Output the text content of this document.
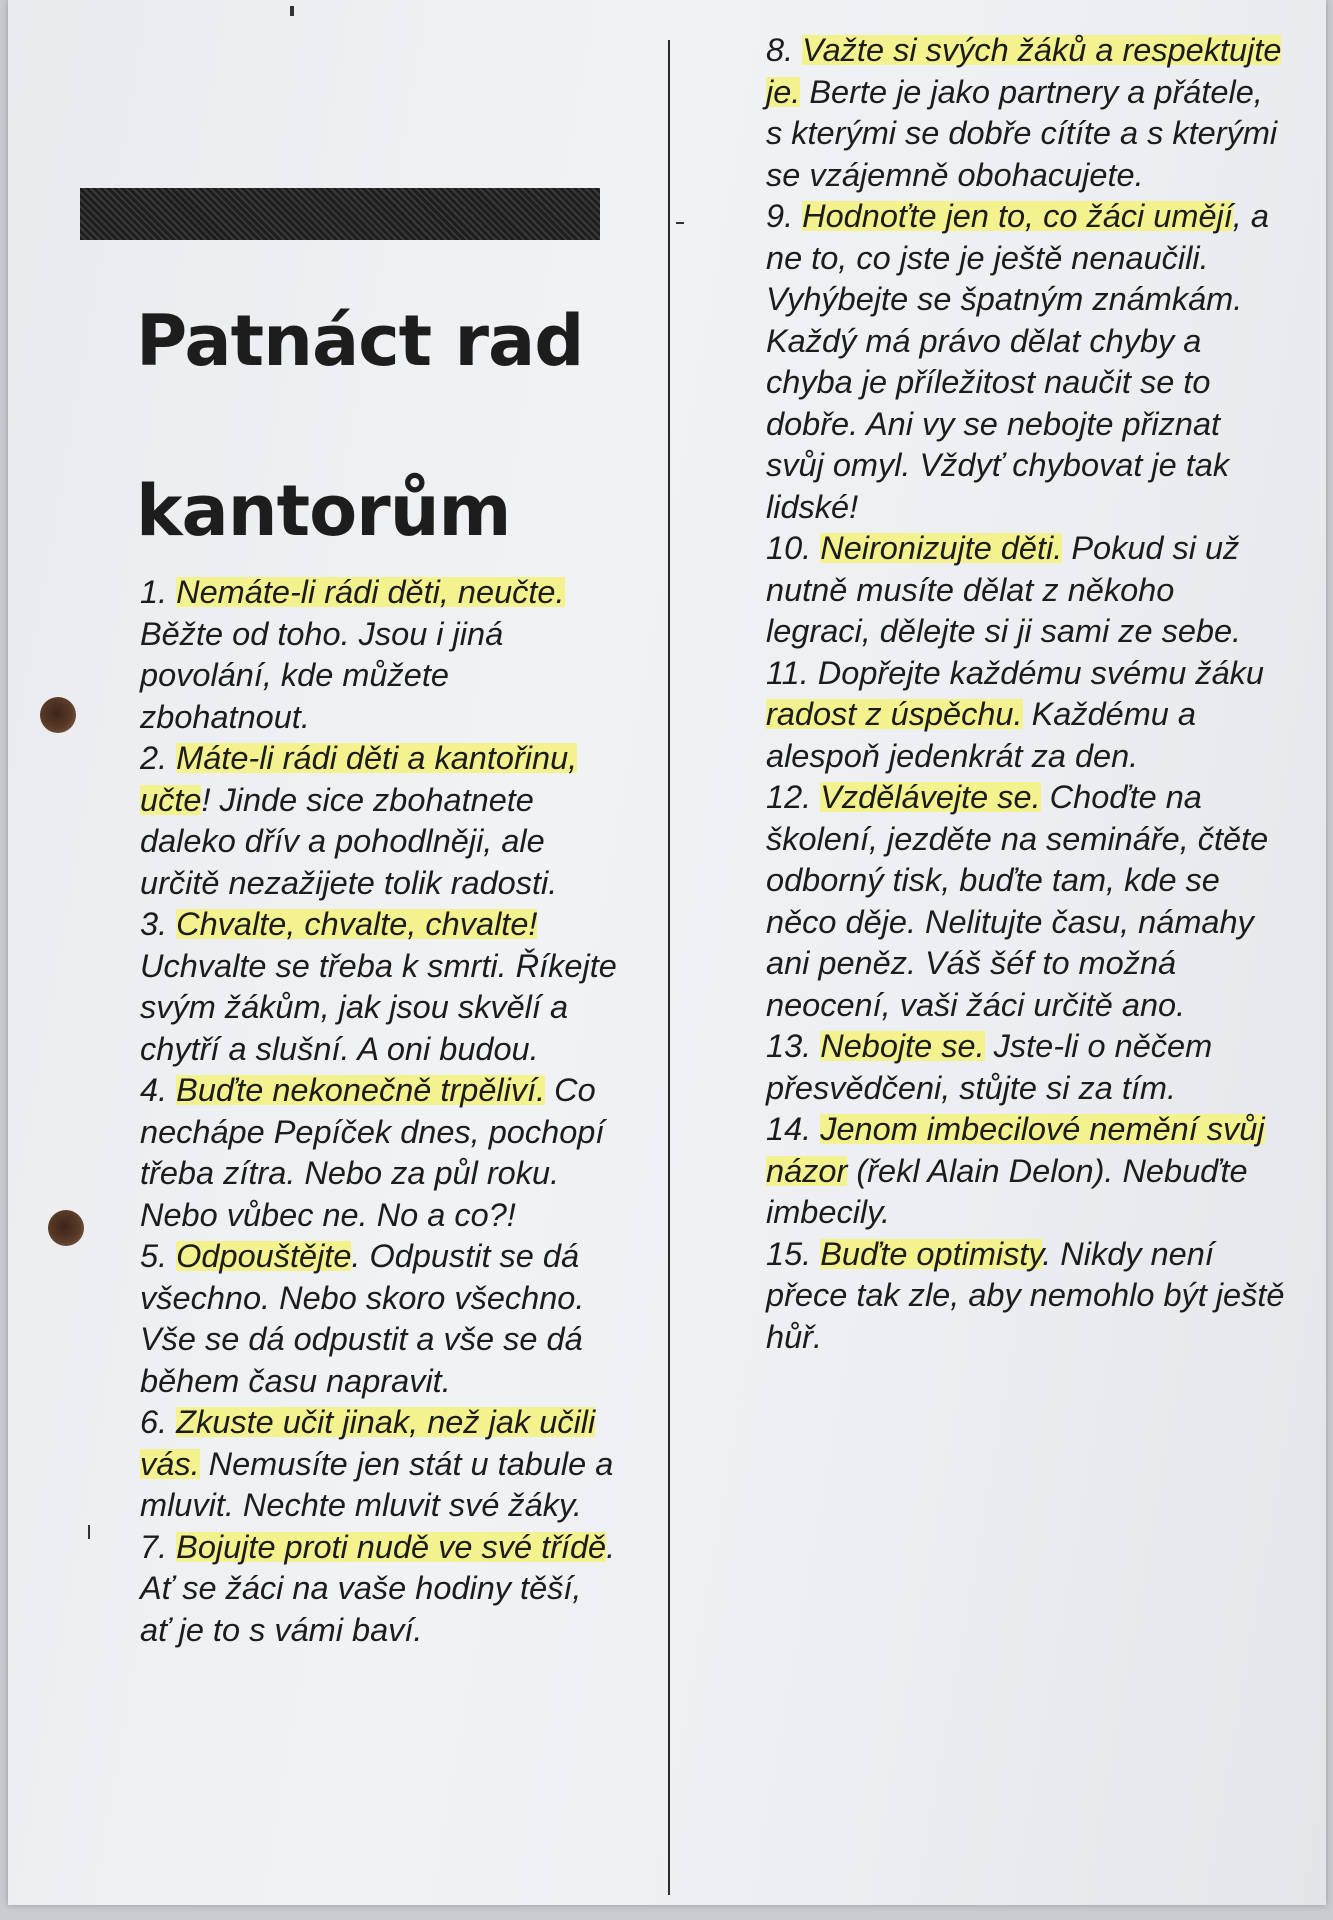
Patnáct rad
kantorům

1. Nemáte-li rádi děti, neučte. Běžte od toho. Jsou i jiná povolání, kde můžete zbohatnout.

2. Máte-li rádi děti a kantořinu, učte! Jinde sice zbohatnete daleko dřív a pohodlněji, ale určitě nezažijete tolik radosti.

3. Chvalte, chvalte, chvalte! Uchvalte se třeba k smrti. Říkejte svým žákům, jak jsou skvělí a chytří a slušní. A oni budou.

4. Buďte nekonečně trpěliví. Co nechápe Pepíček dnes, pochopí třeba zítra. Nebo za půl roku. Nebo vůbec ne. No a co?!

5. Odpouštějte. Odpustit se dá všechno. Nebo skoro všechno. Vše se dá odpustit a vše se dá během času napravit.

6. Zkuste učit jinak, než jak učili vás. Nemusíte jen stát u tabule a mluvit. Nechte mluvit své žáky.

7. Bojujte proti nudě ve své třídě. Ať se žáci na vaše hodiny těší, ať je to s vámi baví.

8. Važte si svých žáků a respektujte je. Berte je jako partnery a přátele, s kterými se dobře cítíte a s kterými se vzájemně obohacujete.

9. Hodnoťte jen to, co žáci umějí, a ne to, co jste je ještě nenaučili. Vyhýbejte se špatným známkám. Každý má právo dělat chyby a chyba je příležitost naučit se to dobře. Ani vy se nebojte přiznat svůj omyl. Vždyť chybovat je tak lidské!

10. Neironizujte děti. Pokud si už nutně musíte dělat z někoho legraci, dělejte si ji sami ze sebe.

11. Dopřejte každému svému žáku radost z úspěchu. Každému a alespoň jedenkrát za den.

12. Vzdělávejte se. Choďte na školení, jezděte na semináře, čtěte odborný tisk, buďte tam, kde se něco děje. Nelitujte času, námahy ani peněz. Váš šéf to možná neocení, vaši žáci určitě ano.

13. Nebojte se. Jste-li o něčem přesvědčeni, stůjte si za tím.

14. Jenom imbecilové nemění svůj názor (řekl Alain Delon). Nebuďte imbecily.

15. Buďte optimisty. Nikdy není přece tak zle, aby nemohlo být ještě hůř.
